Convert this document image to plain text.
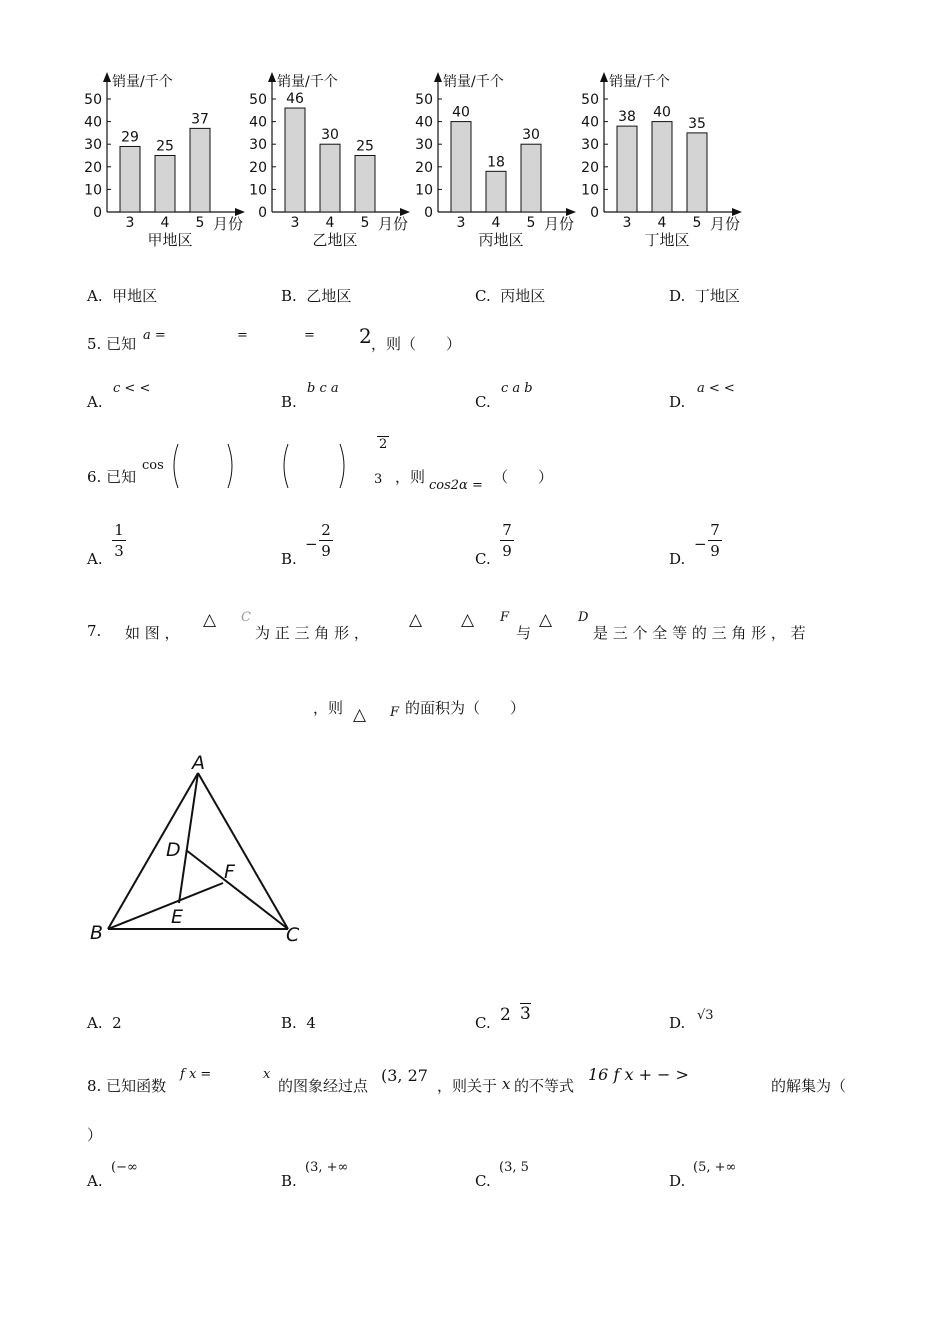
销量/千个
0
10
20
30
40
50
29
3
25
4
37
5 月份
甲地区
销量/千个
0
10
20
30
40
50 46
3
30
4
25
5 月份
乙地区
销量/千个
0
10
20
30
40
50
40
3
18
4
30
5 月份
丙地区
销量/千个
0
10
20
30
40
50
38
3
40
4
35
5 月份
丁地区
A. 甲地区	B. 乙地区	C. 丙地区	D. 丁地区
5. 已知 a =	=	= 2 ，则（　　）
A.
c < <
B.
b c a
C.
c a b
D.
a < <
6. 已知
cos
2
3 ，则 cos2α = （　　）
A.
1
3	B.
−
2
9	C.
7
9	D.
−
7
9
7. 如 图 ，
△ C
为 正 三 角 形 ，
△ △ F
与
△ D
是 三 个 全 等 的 三 角 形 ， 若
，则 △ F 的面积为（　　）
A
B	C
D
E
F
A. 2	B. 4	C. 2 3	D. √3
8. 已知函数
f x =	x
的图象经过点
(3, 27
，则关于 x 的不等式
16 f x + − >
的解集为（
）
A.
(−∞
B.
(3, +∞
C.
(3, 5
D.
(5, +∞
